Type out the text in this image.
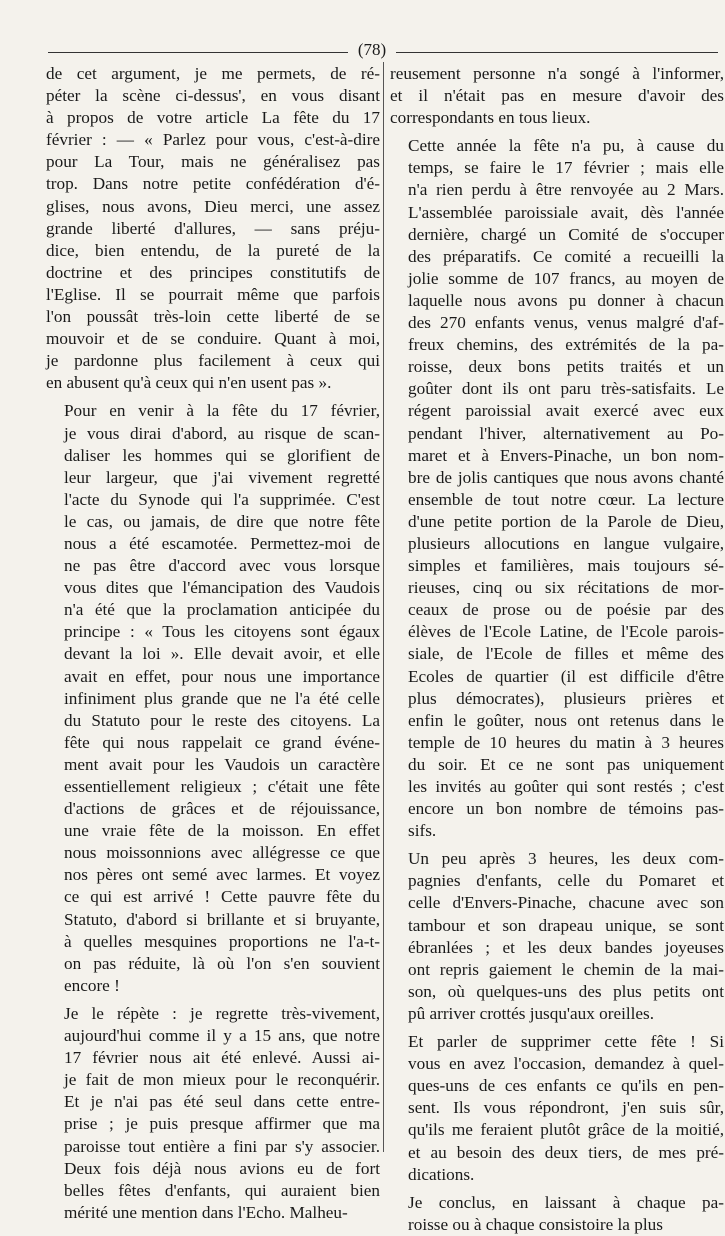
(78)

de cet argument, je me permets, de ré-
péter la scène ci-dessus', en vous disant
à propos de votre article La fête du 17
février : — « Parlez pour vous, c'est-à-dire
pour La Tour, mais ne généralisez pas
trop. Dans notre petite confédération d'é-
glises, nous avons, Dieu merci, une assez
grande liberté d'allures, — sans préju-
dice, bien entendu, de la pureté de la
doctrine et des principes constitutifs de
l'Eglise. Il se pourrait même que parfois
l'on poussât très-loin cette liberté de se
mouvoir et de se conduire. Quant à moi,
je pardonne plus facilement à ceux qui
en abusent qu'à ceux qui n'en usent pas ».

Pour en venir à la fête du 17 février,
je vous dirai d'abord, au risque de scan-
daliser les hommes qui se glorifient de
leur largeur, que j'ai vivement regretté
l'acte du Synode qui l'a supprimée. C'est
le cas, ou jamais, de dire que notre fête
nous a été escamotée. Permettez-moi de
ne pas être d'accord avec vous lorsque
vous dites que l'émancipation des Vaudois
n'a été que la proclamation anticipée du
principe : « Tous les citoyens sont égaux
devant la loi ». Elle devait avoir, et elle
avait en effet, pour nous une importance
infiniment plus grande que ne l'a été celle
du Statuto pour le reste des citoyens. La
fête qui nous rappelait ce grand événe-
ment avait pour les Vaudois un caractère
essentiellement religieux ; c'était une fête
d'actions de grâces et de réjouissance,
une vraie fête de la moisson. En effet
nous moissonnions avec allégresse ce que
nos pères ont semé avec larmes. Et voyez
ce qui est arrivé ! Cette pauvre fête du
Statuto, d'abord si brillante et si bruyante,
à quelles mesquines proportions ne l'a-t-
on pas réduite, là où l'on s'en souvient
encore !

Je le répète : je regrette très-vivement,
aujourd'hui comme il y a 15 ans, que notre
17 février nous ait été enlevé. Aussi ai-
je fait de mon mieux pour le reconquérir.
Et je n'ai pas été seul dans cette entre-
prise ; je puis presque affirmer que ma
paroisse tout entière a fini par s'y associer.
Deux fois déjà nous avions eu de fort
belles fêtes d'enfants, qui auraient bien
mérité une mention dans l'Echo. Malheu-

reusement personne n'a songé à l'informer,
et il n'était pas en mesure d'avoir des
correspondants en tous lieux.

Cette année la fête n'a pu, à cause du
temps, se faire le 17 février ; mais elle
n'a rien perdu à être renvoyée au 2 Mars.
L'assemblée paroissiale avait, dès l'année
dernière, chargé un Comité de s'occuper
des préparatifs. Ce comité a recueilli la
jolie somme de 107 francs, au moyen de
laquelle nous avons pu donner à chacun
des 270 enfants venus, venus malgré d'af-
freux chemins, des extrémités de la pa-
roisse, deux bons petits traités et un
goûter dont ils ont paru très-satisfaits. Le
régent paroissial avait exercé avec eux
pendant l'hiver, alternativement au Po-
maret et à Envers-Pinache, un bon nom-
bre de jolis cantiques que nous avons chanté
ensemble de tout notre cœur. La lecture
d'une petite portion de la Parole de Dieu,
plusieurs allocutions en langue vulgaire,
simples et familières, mais toujours sé-
rieuses, cinq ou six récitations de mor-
ceaux de prose ou de poésie par des
élèves de l'Ecole Latine, de l'Ecole parois-
siale, de l'Ecole de filles et même des
Ecoles de quartier (il est difficile d'être
plus démocrates), plusieurs prières et
enfin le goûter, nous ont retenus dans le
temple de 10 heures du matin à 3 heures
du soir. Et ce ne sont pas uniquement
les invités au goûter qui sont restés ; c'est
encore un bon nombre de témoins pas-
sifs.

Un peu après 3 heures, les deux com-
pagnies d'enfants, celle du Pomaret et
celle d'Envers-Pinache, chacune avec son
tambour et son drapeau unique, se sont
ébranlées ; et les deux bandes joyeuses
ont repris gaiement le chemin de la mai-
son, où quelques-uns des plus petits ont
pû arriver crottés jusqu'aux oreilles.

Et parler de supprimer cette fête ! Si
vous en avez l'occasion, demandez à quel-
ques-uns de ces enfants ce qu'ils en pen-
sent. Ils vous répondront, j'en suis sûr,
qu'ils me feraient plutôt grâce de la moitié,
et au besoin des deux tiers, de mes pré-
dications.

Je conclus, en laissant à chaque pa-
roisse ou à chaque consistoire la plus
